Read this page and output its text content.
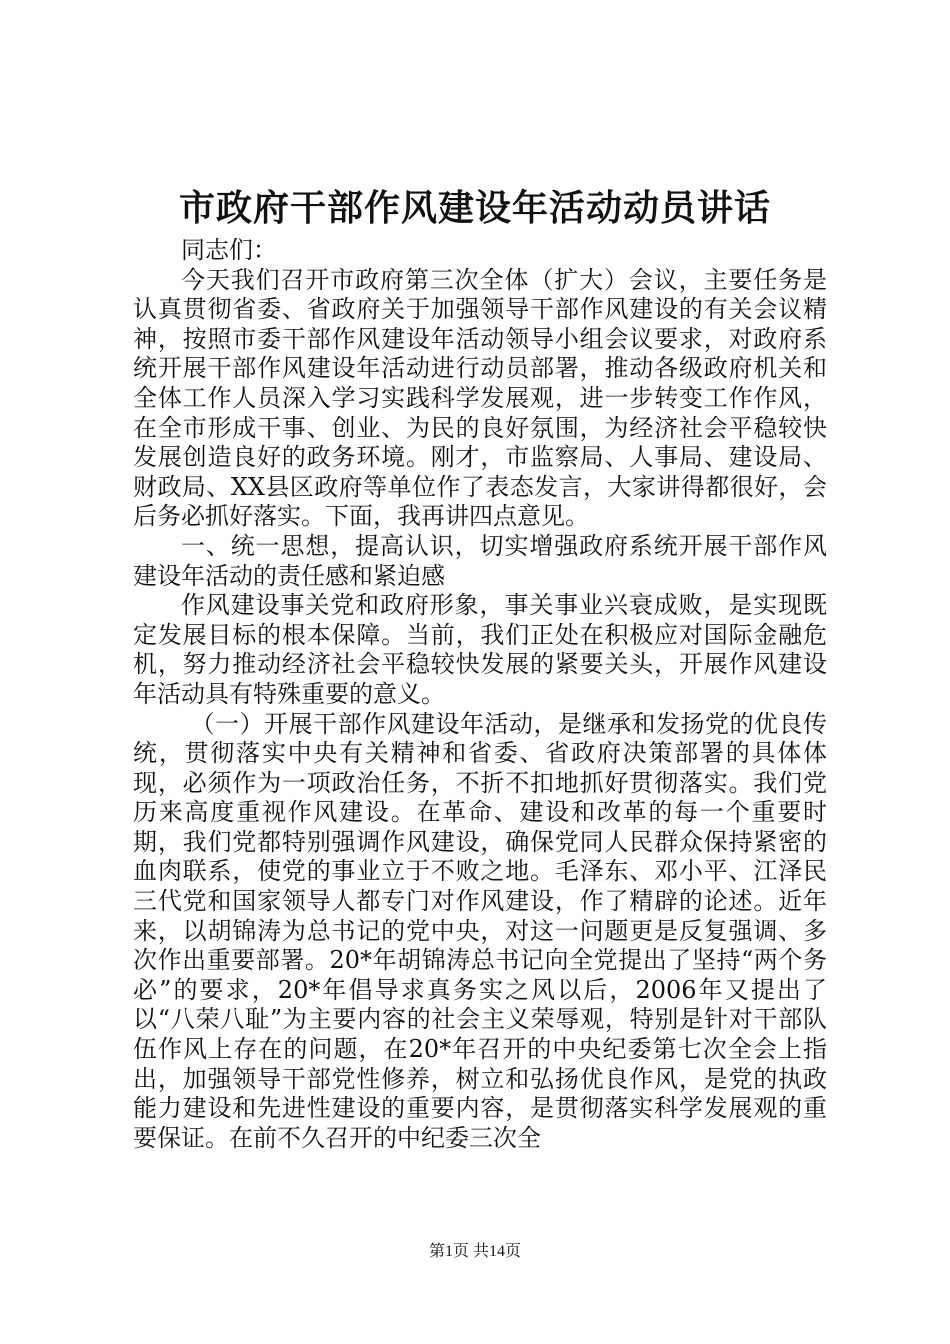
市政府干部作风建设年活动动员讲话

同志们：

今天我们召开市政府第三次全体（扩大）会议，主要任务是认真贯彻省委、省政府关于加强领导干部作风建设的有关会议精神，按照市委干部作风建设年活动领导小组会议要求，对政府系统开展干部作风建设年活动进行动员部署，推动各级政府机关和全体工作人员深入学习实践科学发展观，进一步转变工作作风，在全市形成干事、创业、为民的良好氛围，为经济社会平稳较快发展创造良好的政务环境。刚才，市监察局、人事局、建设局、财政局、XX县区政府等单位作了表态发言，大家讲得都很好，会后务必抓好落实。下面，我再讲四点意见。

一、统一思想，提高认识，切实增强政府系统开展干部作风建设年活动的责任感和紧迫感

作风建设事关党和政府形象，事关事业兴衰成败，是实现既定发展目标的根本保障。当前，我们正处在积极应对国际金融危机，努力推动经济社会平稳较快发展的紧要关头，开展作风建设年活动具有特殊重要的意义。

（一）开展干部作风建设年活动，是继承和发扬党的优良传统，贯彻落实中央有关精神和省委、省政府决策部署的具体体现，必须作为一项政治任务，不折不扣地抓好贯彻落实。我们党历来高度重视作风建设。在革命、建设和改革的每一个重要时期，我们党都特别强调作风建设，确保党同人民群众保持紧密的血肉联系，使党的事业立于不败之地。毛泽东、邓小平、江泽民三代党和国家领导人都专门对作风建设，作了精辟的论述。近年来，以胡锦涛为总书记的党中央，对这一问题更是反复强调、多次作出重要部署。20*年胡锦涛总书记向全党提出了坚持“两个务必”的要求，20*年倡导求真务实之风以后，2006年又提出了以“八荣八耻”为主要内容的社会主义荣辱观，特别是针对干部队伍作风上存在的问题，在20*年召开的中央纪委第七次全会上指出，加强领导干部党性修养，树立和弘扬优良作风，是党的执政能力建设和先进性建设的重要内容，是贯彻落实科学发展观的重要保证。在前不久召开的中纪委三次全

第1页 共14页
